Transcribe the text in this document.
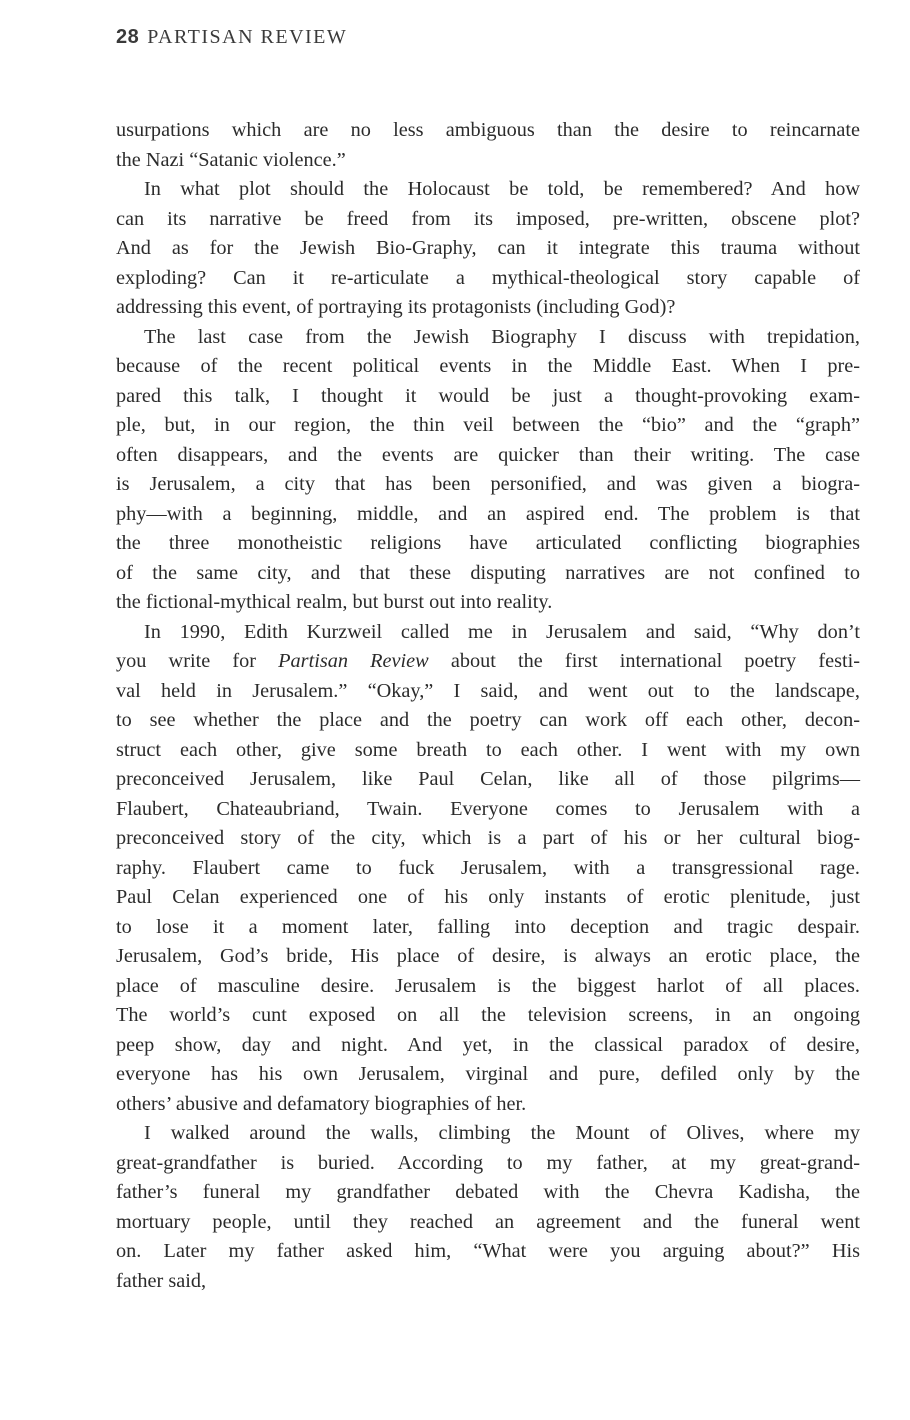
28 PARTISAN REVIEW
usurpations which are no less ambiguous than the desire to reincarnate
the Nazi “Satanic violence.”
In what plot should the Holocaust be told, be remembered? And how
can its narrative be freed from its imposed, pre-written, obscene plot?
And as for the Jewish Bio-Graphy, can it integrate this trauma without
exploding? Can it re-articulate a mythical-theological story capable of
addressing this event, of portraying its protagonists (including God)?
The last case from the Jewish Biography I discuss with trepidation,
because of the recent political events in the Middle East. When I pre-
pared this talk, I thought it would be just a thought-provoking exam-
ple, but, in our region, the thin veil between the “bio” and the “graph”
often disappears, and the events are quicker than their writing. The case
is Jerusalem, a city that has been personified, and was given a biogra-
phy—with a beginning, middle, and an aspired end. The problem is that
the three monotheistic religions have articulated conflicting biographies
of the same city, and that these disputing narratives are not confined to
the fictional-mythical realm, but burst out into reality.
In 1990, Edith Kurzweil called me in Jerusalem and said, “Why don’t
you write for Partisan Review about the first international poetry festi-
val held in Jerusalem.” “Okay,” I said, and went out to the landscape,
to see whether the place and the poetry can work off each other, decon-
struct each other, give some breath to each other. I went with my own
preconceived Jerusalem, like Paul Celan, like all of those pilgrims—
Flaubert, Chateaubriand, Twain. Everyone comes to Jerusalem with a
preconceived story of the city, which is a part of his or her cultural biog-
raphy. Flaubert came to fuck Jerusalem, with a transgressional rage.
Paul Celan experienced one of his only instants of erotic plenitude, just
to lose it a moment later, falling into deception and tragic despair.
Jerusalem, God’s bride, His place of desire, is always an erotic place, the
place of masculine desire. Jerusalem is the biggest harlot of all places.
The world’s cunt exposed on all the television screens, in an ongoing
peep show, day and night. And yet, in the classical paradox of desire,
everyone has his own Jerusalem, virginal and pure, defiled only by the
others’ abusive and defamatory biographies of her.
I walked around the walls, climbing the Mount of Olives, where my
great-grandfather is buried. According to my father, at my great-grand-
father’s funeral my grandfather debated with the Chevra Kadisha, the
mortuary people, until they reached an agreement and the funeral went
on. Later my father asked him, “What were you arguing about?” His
father said,
